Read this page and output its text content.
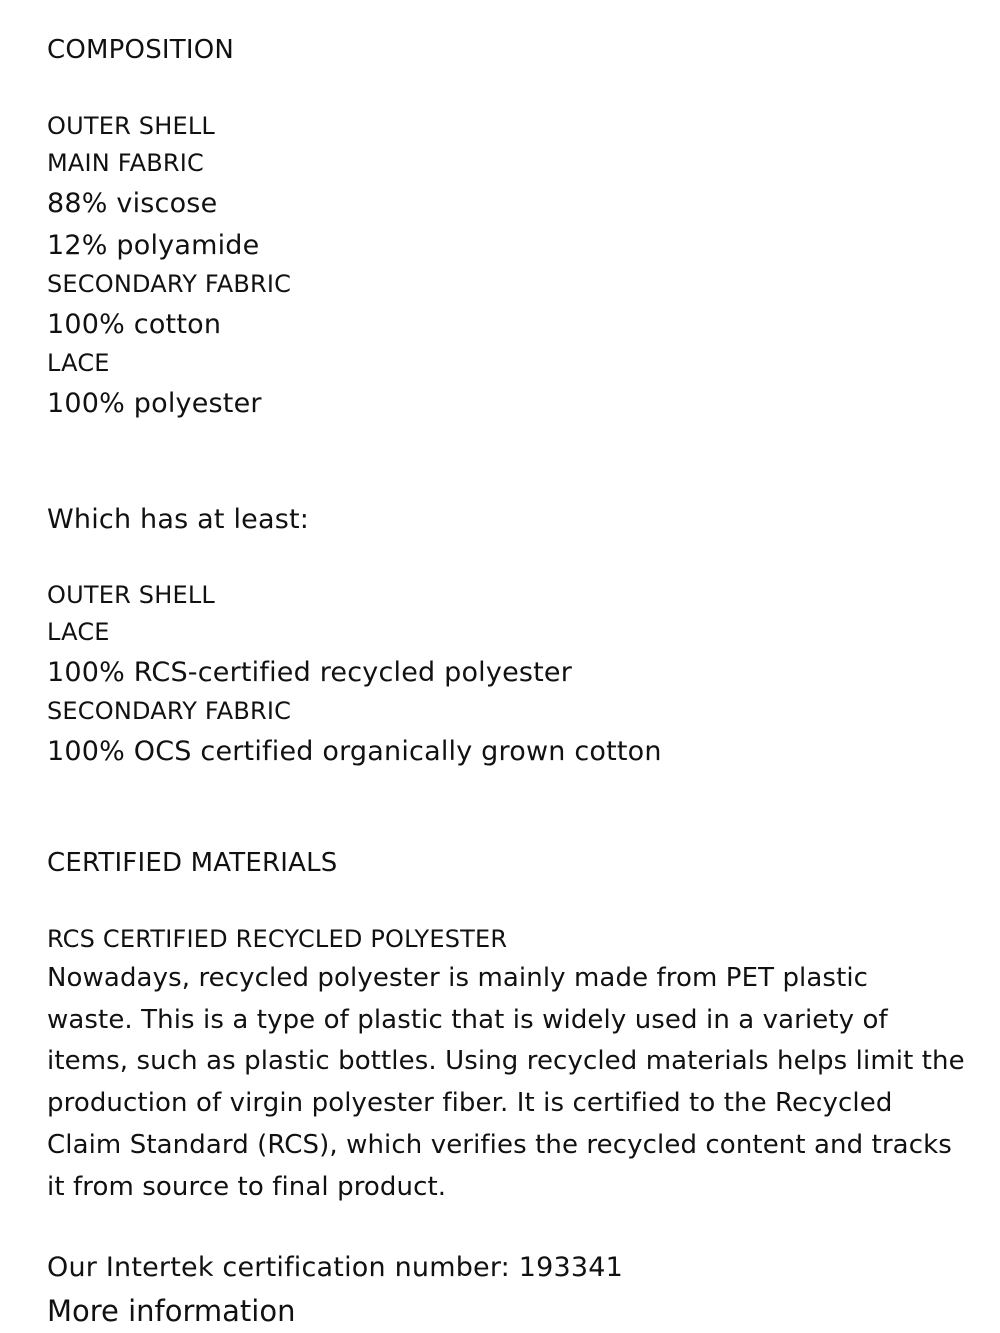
COMPOSITION
OUTER SHELL
MAIN FABRIC
88% viscose
12% polyamide
SECONDARY FABRIC
100% cotton
LACE
100% polyester
Which has at least:
OUTER SHELL
LACE
100% RCS-certified recycled polyester
SECONDARY FABRIC
100% OCS certified organically grown cotton
CERTIFIED MATERIALS
RCS CERTIFIED RECYCLED POLYESTER
Nowadays, recycled polyester is mainly made from PET plastic
waste. This is a type of plastic that is widely used in a variety of
items, such as plastic bottles. Using recycled materials helps limit the
production of virgin polyester fiber. It is certified to the Recycled
Claim Standard (RCS), which verifies the recycled content and tracks
it from source to final product.
Our Intertek certification number: 193341
More information
